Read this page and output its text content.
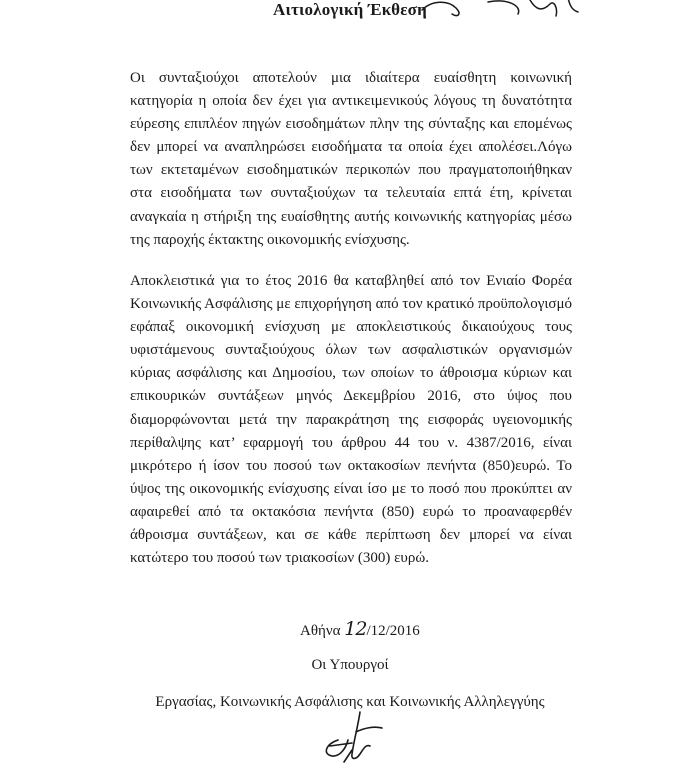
Αιτιολογική Έκθεση

Οι συνταξιούχοι αποτελούν μια ιδιαίτερα ευαίσθητη κοινωνική κατηγορία η οποία δεν έχει για αντικειμενικούς λόγους τη δυνατότητα εύρεσης επιπλέον πηγών εισοδημάτων πλην της σύνταξης και επομένως δεν μπορεί να αναπληρώσει εισοδήματα τα οποία έχει απολέσει.Λόγω των εκτεταμένων εισοδηματικών περικοπών που πραγματοποιήθηκαν στα εισοδήματα των συνταξιούχων τα τελευταία επτά έτη, κρίνεται αναγκαία η στήριξη της ευαίσθητης αυτής κοινωνικής κατηγορίας μέσω της παροχής έκτακτης οικονομικής ενίσχυσης.

Αποκλειστικά για το έτος 2016 θα καταβληθεί από τον Ενιαίο Φορέα Κοινωνικής Ασφάλισης με επιχορήγηση από τον κρατικό προϋπολογισμό εφάπαξ οικονομική ενίσχυση με αποκλειστικούς δικαιούχους τους υφιστάμενους συνταξιούχους όλων των ασφαλιστικών οργανισμών κύριας ασφάλισης και Δημοσίου, των οποίων το άθροισμα κύριων και επικουρικών συντάξεων μηνός Δεκεμβρίου 2016, στο ύψος που διαμορφώνονται μετά την παρακράτηση της εισφοράς υγειονομικής περίθαλψης κατ’ εφαρμογή του άρθρου 44 του ν. 4387/2016, είναι μικρότερο ή ίσον του ποσού των οκτακοσίων πενήντα (850)ευρώ. Το ύψος της οικονομικής ενίσχυσης είναι ίσο με το ποσό που προκύπτει αν αφαιρεθεί από τα οκτακόσια πενήντα (850) ευρώ το προαναφερθέν άθροισμα συντάξεων, και σε κάθε περίπτωση δεν μπορεί να είναι κατώτερο του ποσού των τριακοσίων (300) ευρώ.

Αθήνα 12/12/2016
Οι Υπουργοί
Εργασίας, Κοινωνικής Ασφάλισης και Κοινωνικής Αλληλεγγύης
